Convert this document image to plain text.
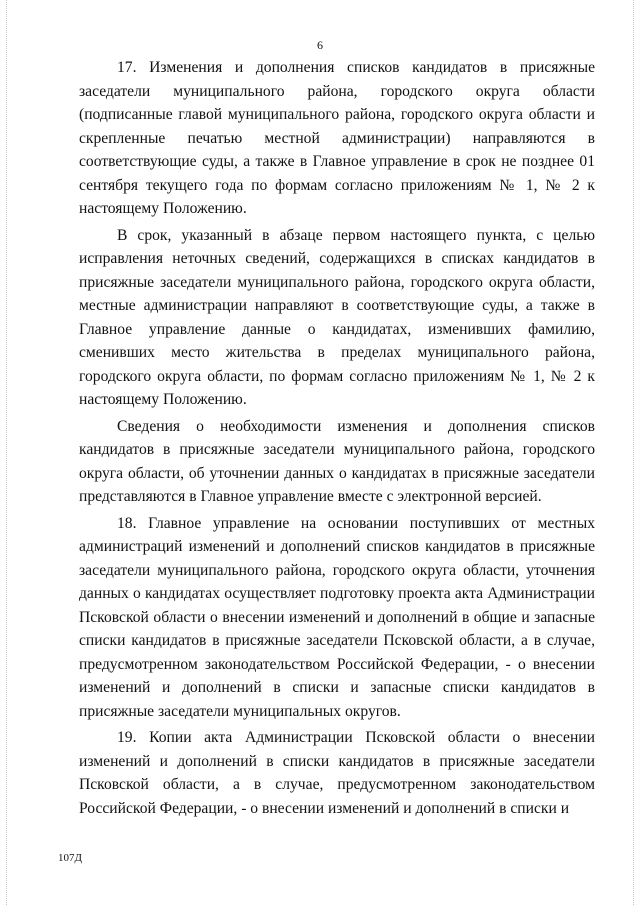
6

17. Изменения и дополнения списков кандидатов в присяжные заседатели муниципального района, городского округа области (подписанные главой муниципального района, городского округа области и скрепленные печатью местной администрации) направляются в соответствующие суды, а также в Главное управление в срок не позднее 01 сентября текущего года по формам согласно приложениям № 1, № 2 к настоящему Положению.

В срок, указанный в абзаце первом настоящего пункта, с целью исправления неточных сведений, содержащихся в списках кандидатов в присяжные заседатели муниципального района, городского округа области, местные администрации направляют в соответствующие суды, а также в Главное управление данные о кандидатах, изменивших фамилию, сменивших место жительства в пределах муниципального района, городского округа области, по формам согласно приложениям № 1, № 2 к настоящему Положению.

Сведения о необходимости изменения и дополнения списков кандидатов в присяжные заседатели муниципального района, городского округа области, об уточнении данных о кандидатах в присяжные заседатели представляются в Главное управление вместе с электронной версией.

18. Главное управление на основании поступивших от местных администраций изменений и дополнений списков кандидатов в присяжные заседатели муниципального района, городского округа области, уточнения данных о кандидатах осуществляет подготовку проекта акта Администрации Псковской области о внесении изменений и дополнений в общие и запасные списки кандидатов в присяжные заседатели Псковской области, а в случае, предусмотренном законодательством Российской Федерации, - о внесении изменений и дополнений в списки и запасные списки кандидатов в присяжные заседатели муниципальных округов.

19. Копии акта Администрации Псковской области о внесении изменений и дополнений в списки кандидатов в присяжные заседатели Псковской области, а в случае, предусмотренном законодательством Российской Федерации, - о внесении изменений и дополнений в списки и

107Д
